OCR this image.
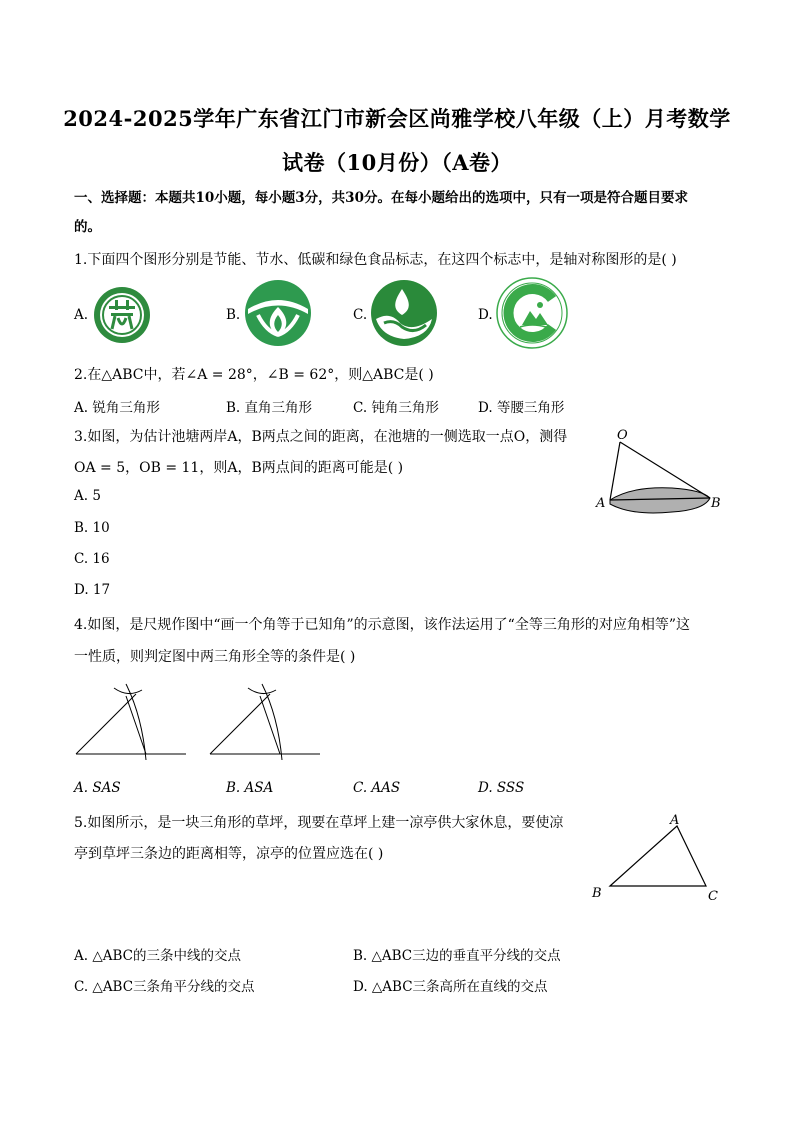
2024-2025学年广东省江门市新会区尚雅学校八年级（上）月考数学
试卷（10月份）（A卷）
一、选择题：本题共10小题，每小题3分，共30分。在每小题给出的选项中，只有一项是符合题目要求
的。
1.下面四个图形分别是节能、节水、低碳和绿色食品标志，在这四个标志中，是轴对称图形的是( )
A.	B.	C.	D.
2.在△ABC中，若∠A = 28°，∠B = 62°，则△ABC是( )
A. 锐角三角形	B. 直角三角形	C. 钝角三角形	D. 等腰三角形
3.如图，为估计池塘两岸A，B两点之间的距离，在池塘的一侧选取一点O，测得
OA = 5，OB = 11，则A，B两点间的距离可能是( )
A. 5
B. 10
C. 16
D. 17
O
A	B
4.如图，是尺规作图中“画一个角等于已知角”的示意图，该作法运用了“全等三角形的对应角相等”这
一性质，则判定图中两三角形全等的条件是( )
A. SAS	B. ASA	C. AAS	D. SSS
5.如图所示，是一块三角形的草坪，现要在草坪上建一凉亭供大家休息，要使凉
亭到草坪三条边的距离相等，凉亭的位置应选在( )
A
B	C
A. △ABC的三条中线的交点	B. △ABC三边的垂直平分线的交点
C. △ABC三条角平分线的交点	D. △ABC三条高所在直线的交点
